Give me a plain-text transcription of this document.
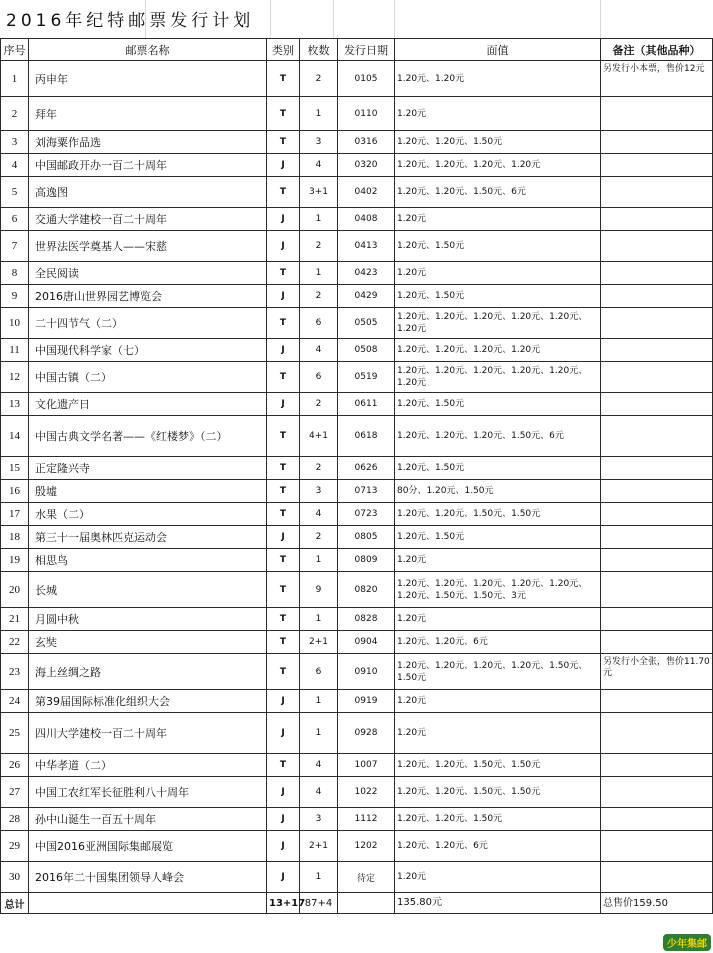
2016年纪特邮票发行计划
序号	邮票名称	类别	枚数	发行日期	面值	备注（其他品种）
1	丙申年	T	2	0105	1.20元、1.20元	另发行小本票，售价12元
2	拜年	T	1	0110	1.20元	
3	刘海粟作品选	T	3	0316	1.20元、1.20元、1.50元	
4	中国邮政开办一百二十周年	J	4	0320	1.20元、1.20元、1.20元、1.20元	
5	高逸图	T	3+1	0402	1.20元、1.20元、1.50元、6元	
6	交通大学建校一百二十周年	J	1	0408	1.20元	
7	世界法医学奠基人——宋慈	J	2	0413	1.20元、1.50元	
8	全民阅读	T	1	0423	1.20元	
9	2016唐山世界园艺博览会	J	2	0429	1.20元、1.50元	
10	二十四节气（二）	T	6	0505	1.20元、1.20元、1.20元、1.20元、1.20元、1.20元	
11	中国现代科学家（七）	J	4	0508	1.20元、1.20元、1.20元、1.20元	
12	中国古镇（二）	T	6	0519	1.20元、1.20元、1.20元、1.20元、1.20元、1.20元	
13	文化遗产日	J	2	0611	1.20元、1.50元	
14	中国古典文学名著——《红楼梦》（二）	T	4+1	0618	1.20元、1.20元、1.20元、1.50元、6元	
15	正定隆兴寺	T	2	0626	1.20元、1.50元	
16	殷墟	T	3	0713	80分、1.20元、1.50元	
17	水果（二）	T	4	0723	1.20元、1.20元、1.50元、1.50元	
18	第三十一届奥林匹克运动会	J	2	0805	1.20元、1.50元	
19	相思鸟	T	1	0809	1.20元	
20	长城	T	9	0820	1.20元、1.20元、1.20元、1.20元、1.20元、1.20元、1.50元、1.50元、3元	
21	月圆中秋	T	1	0828	1.20元	
22	玄奘	T	2+1	0904	1.20元、1.20元、6元	
23	海上丝绸之路	T	6	0910	1.20元、1.20元、1.20元、1.20元、1.50元、1.50元	另发行小全张，售价11.70元
24	第39届国际标准化组织大会	J	1	0919	1.20元	
25	四川大学建校一百二十周年	J	1	0928	1.20元	
26	中华孝道（二）	T	4	1007	1.20元、1.20元、1.50元、1.50元	
27	中国工农红军长征胜利八十周年	J	4	1022	1.20元、1.20元、1.50元、1.50元	
28	孙中山诞生一百五十周年	J	3	1112	1.20元、1.20元、1.50元	
29	中国2016亚洲国际集邮展览	J	2+1	1202	1.20元、1.20元、6元	
30	2016年二十国集团领导人峰会	J	1	待定	1.20元	
总计		13+17	87+4		135.80元	总售价159.50
少年集邮
